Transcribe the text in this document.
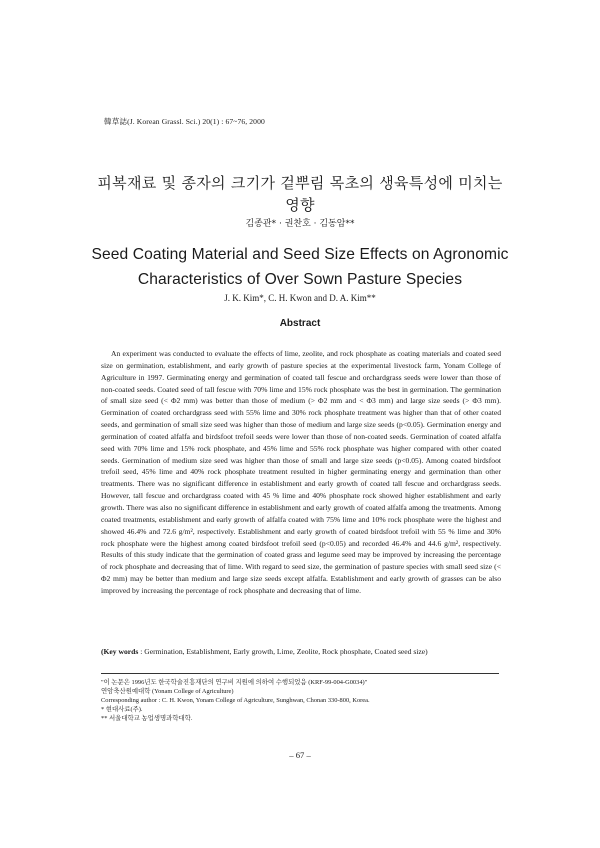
韓草誌(J. Korean Grassl. Sci.) 20(1) : 67~76, 2000
피복재료 및 종자의 크기가 겉뿌림 목초의 생육특성에 미치는
영향
김종관* · 권찬호 · 김동암**
Seed Coating Material and Seed Size Effects on Agronomic
Characteristics of Over Sown Pasture Species
J. K. Kim*, C. H. Kwon and D. A. Kim**
Abstract

An experiment was conducted to evaluate the effects of lime, zeolite, and rock phosphate as coating materials and coated seed size on germination, establishment, and early growth of pasture species at the experimental livestock farm, Yonam College of Agriculture in 1997. Germinating energy and germination of coated tall fescue and orchardgrass seeds were lower than those of non-coated seeds. Coated seed of tall fescue with 70% lime and 15% rock phosphate was the best in germination. The germination of small size seed (< Φ2 mm) was better than those of medium (> Φ2 mm and < Φ3 mm) and large size seeds (> Φ3 mm). Germination of coated orchardgrass seed with 55% lime and 30% rock phosphate treatment was higher than that of other coated seeds, and germination of small size seed was higher than those of medium and large size seeds (p<0.05). Germination energy and germination of coated alfalfa and birdsfoot trefoil seeds were lower than those of non-coated seeds. Germination of coated alfalfa seed with 70% lime and 15% rock phosphate, and 45% lime and 55% rock phosphate was higher compared with other coated seeds. Germination of medium size seed was higher than those of small and large size seeds (p<0.05). Among coated birdsfoot trefoil seed, 45% lime and 40% rock phosphate treatment resulted in higher germinating energy and germination than other treatments. There was no significant difference in establishment and early growth of coated tall fescue and orchardgrass seeds. However, tall fescue and orchardgrass coated with 45 % lime and 40% phosphate rock showed higher establishment and early growth. There was also no significant difference in establishment and early growth of coated alfalfa among the treatments. Among coated treatments, establishment and early growth of alfalfa coated with 75% lime and 10% rock phosphate were the highest and showed 46.4% and 72.6 g/m², respectively. Establishment and early growth of coated birdsfoot trefoil with 55 % lime and 30% rock phosphate were the highest among coated birdsfoot trefoil seed (p<0.05) and recorded 46.4% and 44.6 g/m², respectively. Results of this study indicate that the germination of coated grass and legume seed may be improved by increasing the percentage of rock phosphate and decreasing that of lime. With regard to seed size, the germination of pasture species with small seed size (< Φ2 mm) may be better than medium and large size seeds except alfalfa. Establishment and early growth of grasses can be also improved by increasing the percentage of rock phosphate and decreasing that of lime.

(Key words : Germination, Establishment, Early growth, Lime, Zeolite, Rock phosphate, Coated seed size)
"이 논문은 1996년도 한국학술진흥재단의 연구비 지원에 의하여 수행되었음 (KRF-99-004-G0034)"
연암축산원예대학 (Yonam College of Agriculture)
Corresponding author : C. H. Kwon, Yonam College of Agriculture, Sunghwan, Chonan 330-800, Korea.
* 현대사료(주).
** 서울대학교 농업생명과학대학.
– 67 –
